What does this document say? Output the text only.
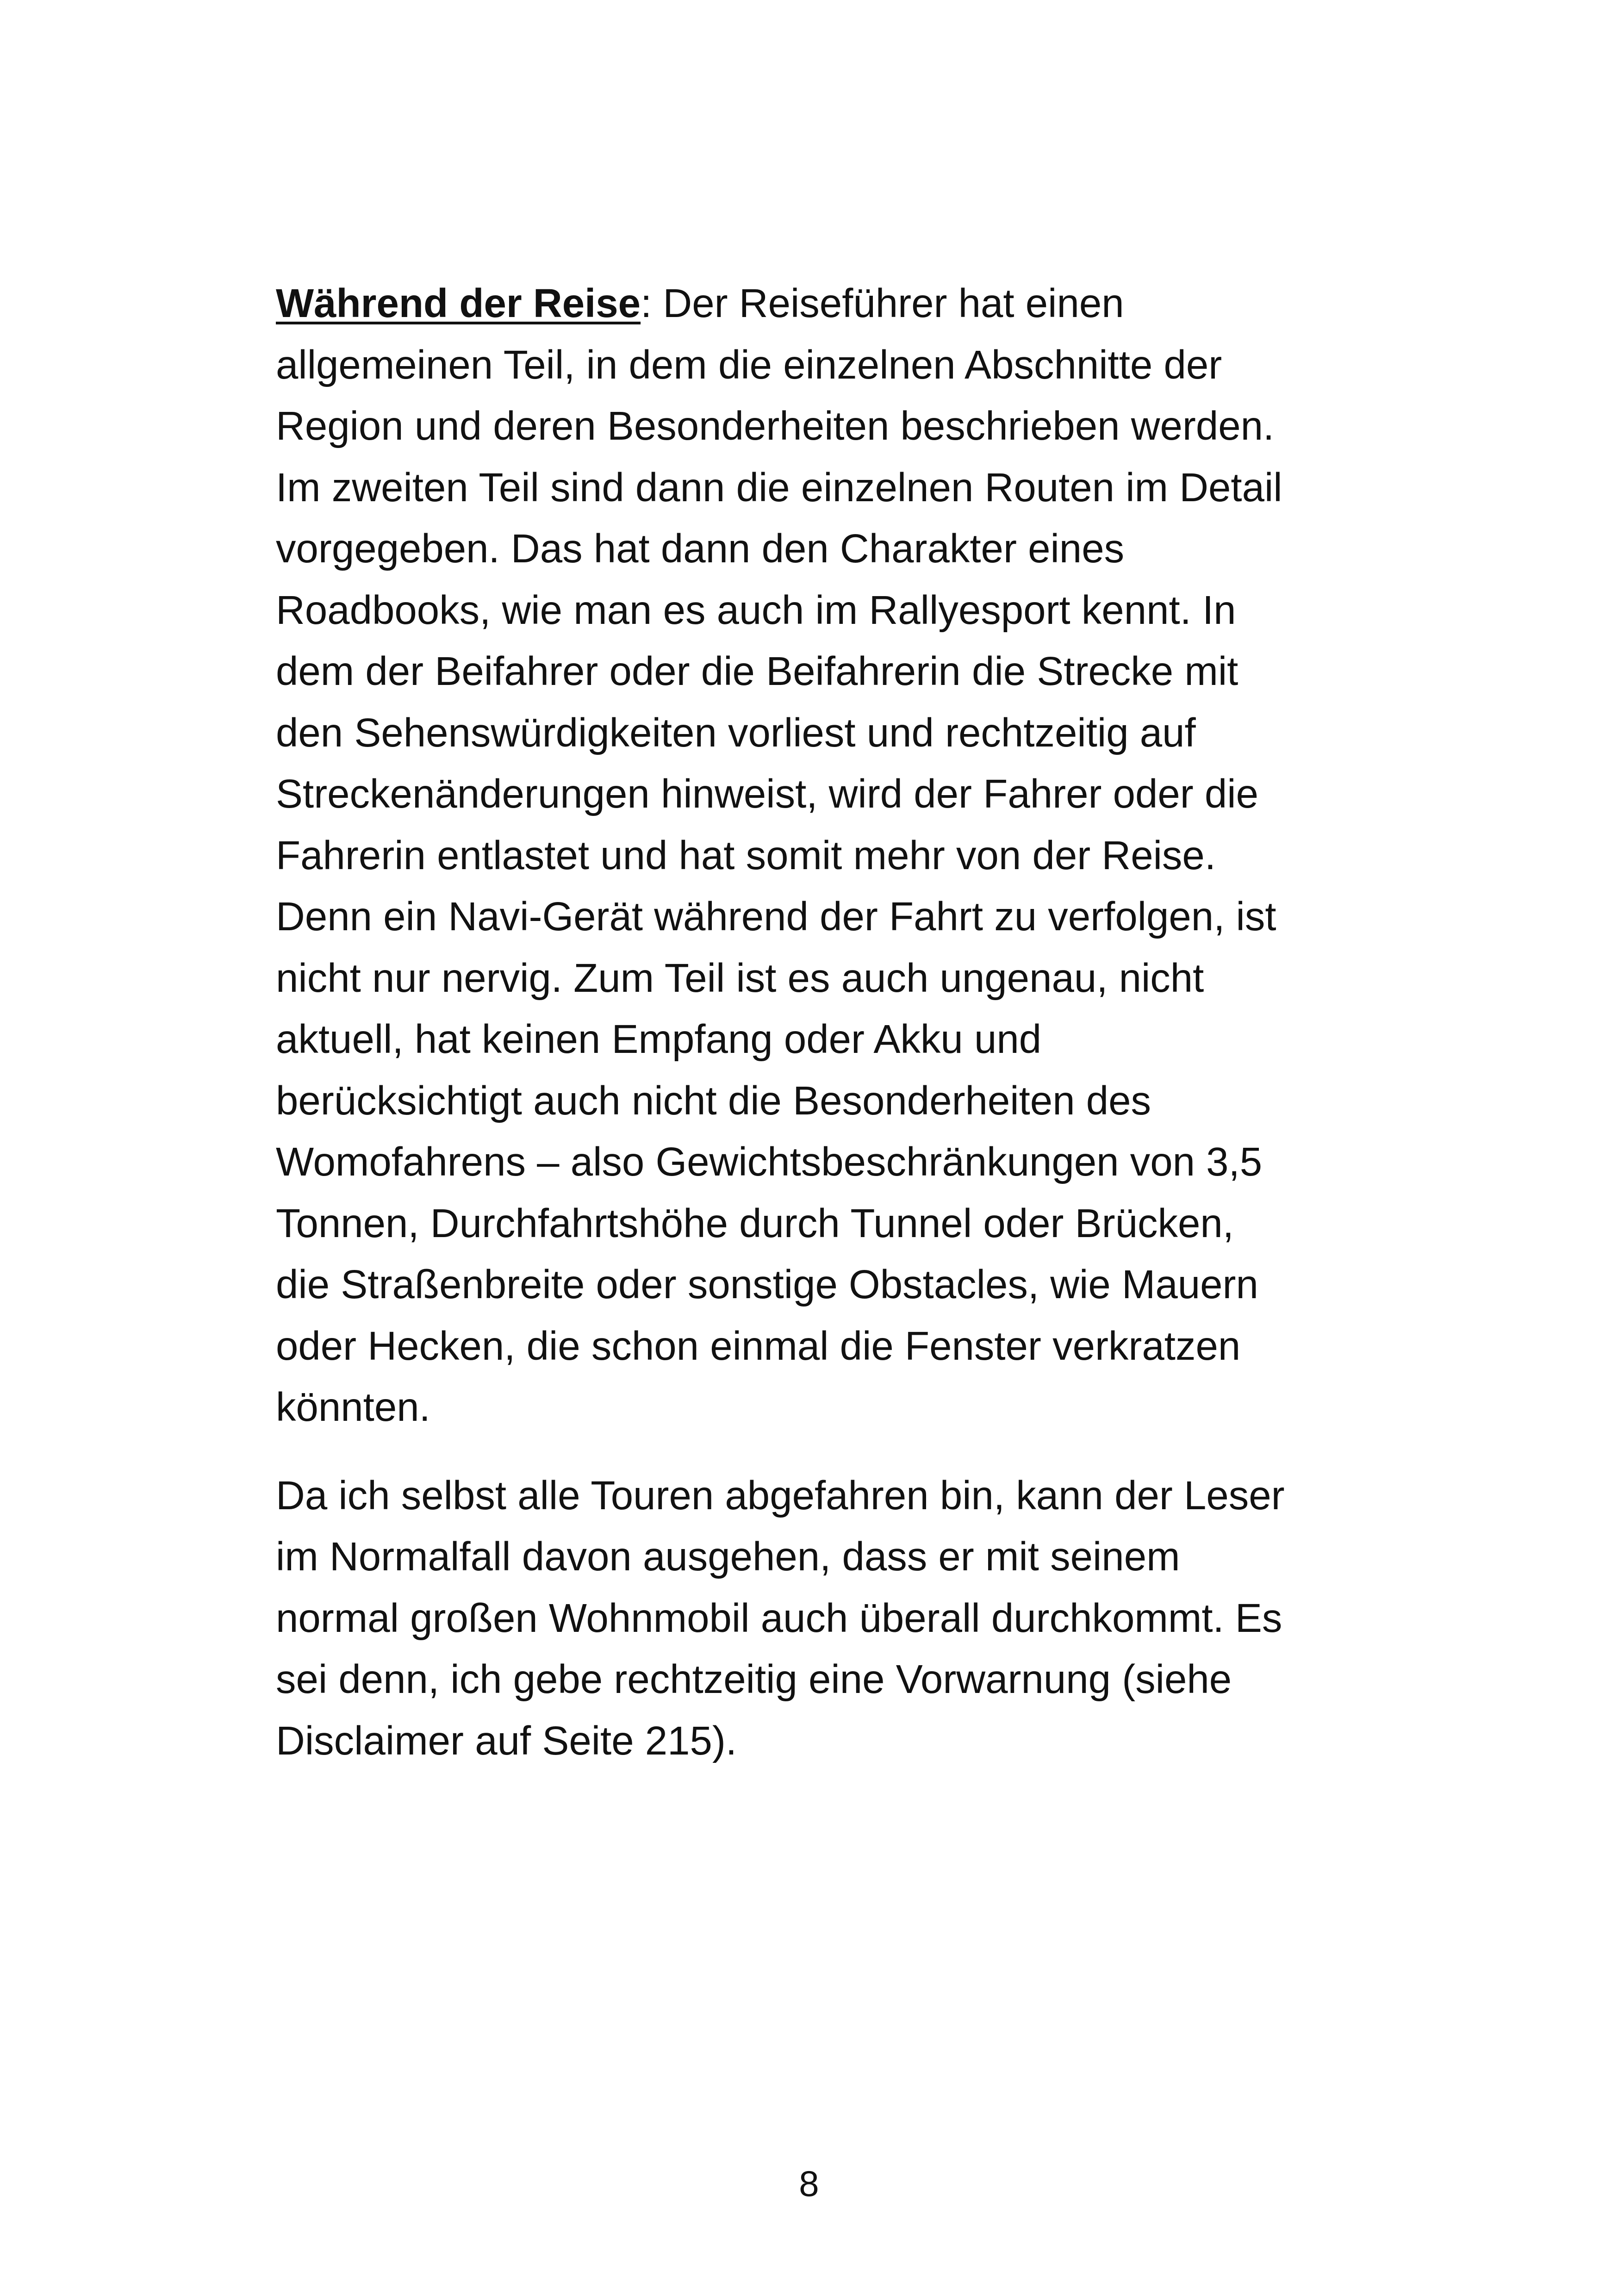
Während der Reise: Der Reiseführer hat einen
allgemeinen Teil, in dem die einzelnen Abschnitte der
Region und deren Besonderheiten beschrieben werden.
Im zweiten Teil sind dann die einzelnen Routen im Detail
vorgegeben. Das hat dann den Charakter eines
Roadbooks, wie man es auch im Rallyesport kennt. In
dem der Beifahrer oder die Beifahrerin die Strecke mit
den Sehenswürdigkeiten vorliest und rechtzeitig auf
Streckenänderungen hinweist, wird der Fahrer oder die
Fahrerin entlastet und hat somit mehr von der Reise.
Denn ein Navi-Gerät während der Fahrt zu verfolgen, ist
nicht nur nervig. Zum Teil ist es auch ungenau, nicht
aktuell, hat keinen Empfang oder Akku und
berücksichtigt auch nicht die Besonderheiten des
Womofahrens – also Gewichtsbeschränkungen von 3,5
Tonnen, Durchfahrtshöhe durch Tunnel oder Brücken,
die Straßenbreite oder sonstige Obstacles, wie Mauern
oder Hecken, die schon einmal die Fenster verkratzen
könnten.
Da ich selbst alle Touren abgefahren bin, kann der Leser
im Normalfall davon ausgehen, dass er mit seinem
normal großen Wohnmobil auch überall durchkommt. Es
sei denn, ich gebe rechtzeitig eine Vorwarnung (siehe
Disclaimer auf Seite 215).
8
